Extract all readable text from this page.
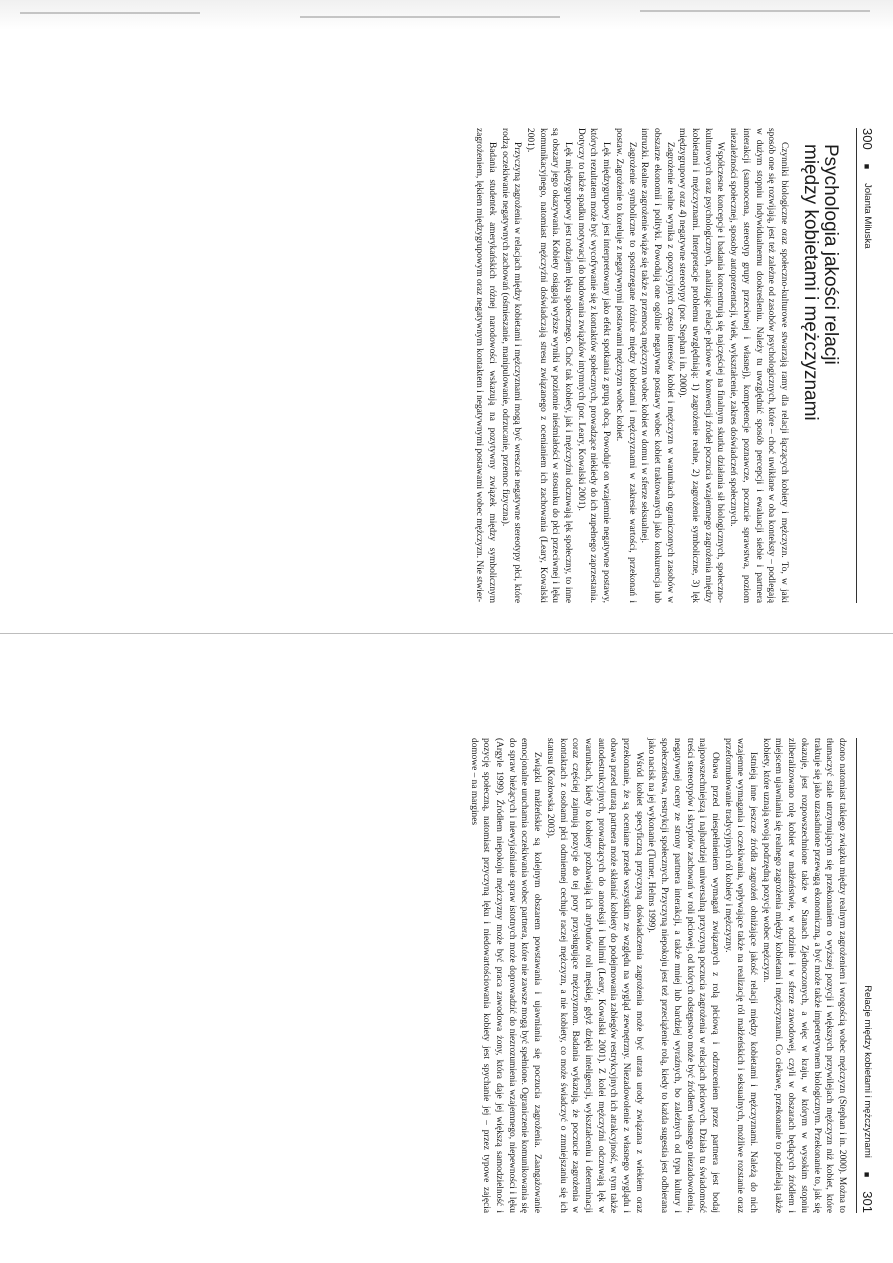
300
■
Jolanta Miluska
Psychologia jakości relacji
między kobietami i mężczyznami

Czynniki biologiczne oraz społeczno-kulturowe stwarzają ramy dla relacji łączących kobiety i mężczyzn. To, w jaki sposób one się rozwijają, jest też zależne od zasobów psychologicznych, które – choć uwikłane w oba konteksty – podlegają w dużym stopniu indywidualnemu dookreśleniu. Należy tu uwzględnić sposób percepcji i ewaluacji siebie i partnera interakcji (samoocena, stereotyp grupy przeciwnej i własnej), kompetencje poznawcze, poczucie sprawstwa, poziom niezależności społecznej, sposoby autoprezentacji, wiek, wykształcenie, zakres doświadczeń społecznych.

Współczesne koncepcje i badania koncentrują się najczęściej na finalnym skutku działania sił biologicznych, społeczno-kulturowych oraz psychologicznych, analizując relacje płciowe w konwencji źródeł poczucia wzajemnego zagrożenia między kobietami i mężczyznami. Interpretacje problemu uwzględniają: 1) zagrożenie realne, 2) zagrożenie symboliczne, 3) lęk międzygrupowy oraz 4) negatywne stereotypy (por. Stephan i in. 2000).

Zagrożenie realne wynika z opozycyjnych często interesów kobiet i mężczyzn w warunkach ograniczonych zasobów w obszarze ekonomii i polityki. Powodują one ogólnie negatywne postawy wobec kobiet traktowanych jako konkurencja lub intruzki. Realne zagrożenie wiąże się także z przemocą mężczyzn wobec kobiet w domu i w sferze seksualnej.

Zagrożenie symboliczne to spostrzegane różnice między kobietami i mężczyznami w zakresie wartości, przekonań i postaw. Zagrożenie to koreluje z negatywnymi postawami mężczyzn wobec kobiet.

Lęk międzygrupowy jest interpretowany jako efekt spotkania z grupą obcą. Powoduje on wzajemnie negatywne postawy, których rezultatem może być wycofywanie się z kontaktów społecznych, prowadzące niekiedy do ich zupełnego zaprzestania. Dotyczy to także spadku motywacji do budowania związków intymnych (por. Leary, Kowalski 2001).

Lęk międzygrupowy jest rodzajem lęku społecznego. Choć tak kobiety, jak i mężczyźni odczuwają lęk społeczny, to inne są obszary jego okazywania. Kobiety osiągają wyższe wyniki w poziomie nieśmiałości w stosunku do płci przeciwnej i lęku komunikacyjnego, natomiast mężczyźni doświadczają stresu związanego z ocenianiem ich zachowania (Leary, Kowalski 2001).

Przyczyną zagrożenia w relacjach między kobietami i mężczyznami mogą być wreszcie negatywne stereotypy płci, które rodzą oczekiwanie negatywnych zachowań (ośmieszanie, manipulowanie, odrzucanie, przemoc fizyczna).

Badania studentek amerykańskich różnej narodowości wskazują na pozytywny związek między symbolicznym zagrożeniem, lękiem międzygrupowym oraz negatywnym kontaktem i negatywnymi postawami wobec mężczyzn. Nie stwier-

Relacje między kobietami i mężczyznami
■
301

dzono natomiast takiego związku między realnym zagrożeniem i wrogością wobec mężczyzn (Stephan i in. 2000). Można to tłumaczyć stale utrzymującym się przekonaniem o wyższej pozycji i większych przywilejach mężczyzn niż kobiet, które traktuje się jako uzasadnione przewagą ekonomiczną, a być może także impetretywnem biologicznym. Przekonanie to, jak się okazuje, jest rozpowszechnione także w Stanach Zjednoczonych, a więc w kraju, w którym w wysokim stopniu zliberalizowano rolę kobiet w małżeństwie, w rodzinie i w sferze zawodowej, czyli w obszarach będących źródłem i miejscem ujawniania się realnego zagrożenia między kobietami i mężczyznami. Co ciekawe, przekonanie to podzielają także kobiety, które uznają swoją podrzędną pozycję wobec mężczyzn.

Istnieją inne jeszcze źródła zagrożeń obniżające jakość relacji między kobietami i mężczyznami. Należą do nich wzajemne wymagania i oczekiwania, wpływające także na realizację ról małżeńskich i seksualnych, możliwe rozstanie oraz przeformułowanie tradycyjnych ról kobiety i mężczyzny.

Obawa przed niespełnieniem wymagań związanych z rolą płciową i odrzuceniem przez partnera jest bodaj najpowszechniejszą i najbardziej uniwersalną przyczyną poczucia zagrożenia w relacjach płciowych. Działa tu świadomość treści stereotypów i skryptów zachowań w roli płciowej, od których odstępstwo może być źródłem własnego niezadowolenia, negatywnej oceny ze strony partnera interakcji, a także mniej lub bardziej wyraźnych, bo zależnych od typu kultury i społeczeństwa, restrykcji społecznych. Przyczyną niepokoju jest też przeciążenie rolą, kiedy to każda sugestia jest odbierana jako nacisk na jej wykonanie (Turner, Helms 1999).

Wśród kobiet specyficzną przyczyną doświadczenia zagrożenia może być utrata urody związana z wiekiem oraz przekonanie, że są oceniane przede wszystkim ze względu na wygląd zewnętrzny. Niezadowolenie z własnego wyglądu i obawa przed utratą partnera może skłaniać kobiety do podejmowania zabiegów restrykcyjnych ich atrakcyjność, w tym także autodestrukcyjnych, prowadzących do anoreksji i bulimii (Leary, Kowalski 2001). Z kolei mężczyźni odczuwają lęk w warunkach, kiedy to kobiety pozbawiają ich atrybutów roli męskiej, gdyż dzięki inteligencji, wykształceniu i determinacji coraz częściej zajmują pozycje do tej pory przysługujące mężczyznom. Badania wykazują, że poczucie zagrożenia w kontaktach z osobami płci odmiennej cechuje raczej mężczyzn, a nie kobiety, co może świadczyć o zmniejszaniu się ich statusu (Kozłowska 2003).

Związki małżeńskie są kolejnym obszarem powstawania i ujawniania się poczucia zagrożenia. Zaangażowanie emocjonalne uruchamia oczekiwania wobec partnera, które nie zawsze mogą być spełnione. Ograniczenie komunikowania się do spraw bieżących i niewyjaśnianie spraw istotnych może doprowadzić do niezrozumienia wzajemnego, niepewności i lęku (Argyle 1999). Źródłem niepokoju mężczyzny może być praca zawodowa żony, która daje jej większą samodzielność i pozycję społeczną, natomiast przyczyną lęku i niedowartościowania kobiety jest spychanie jej – przez typowe zajęcia domowe – na margines
